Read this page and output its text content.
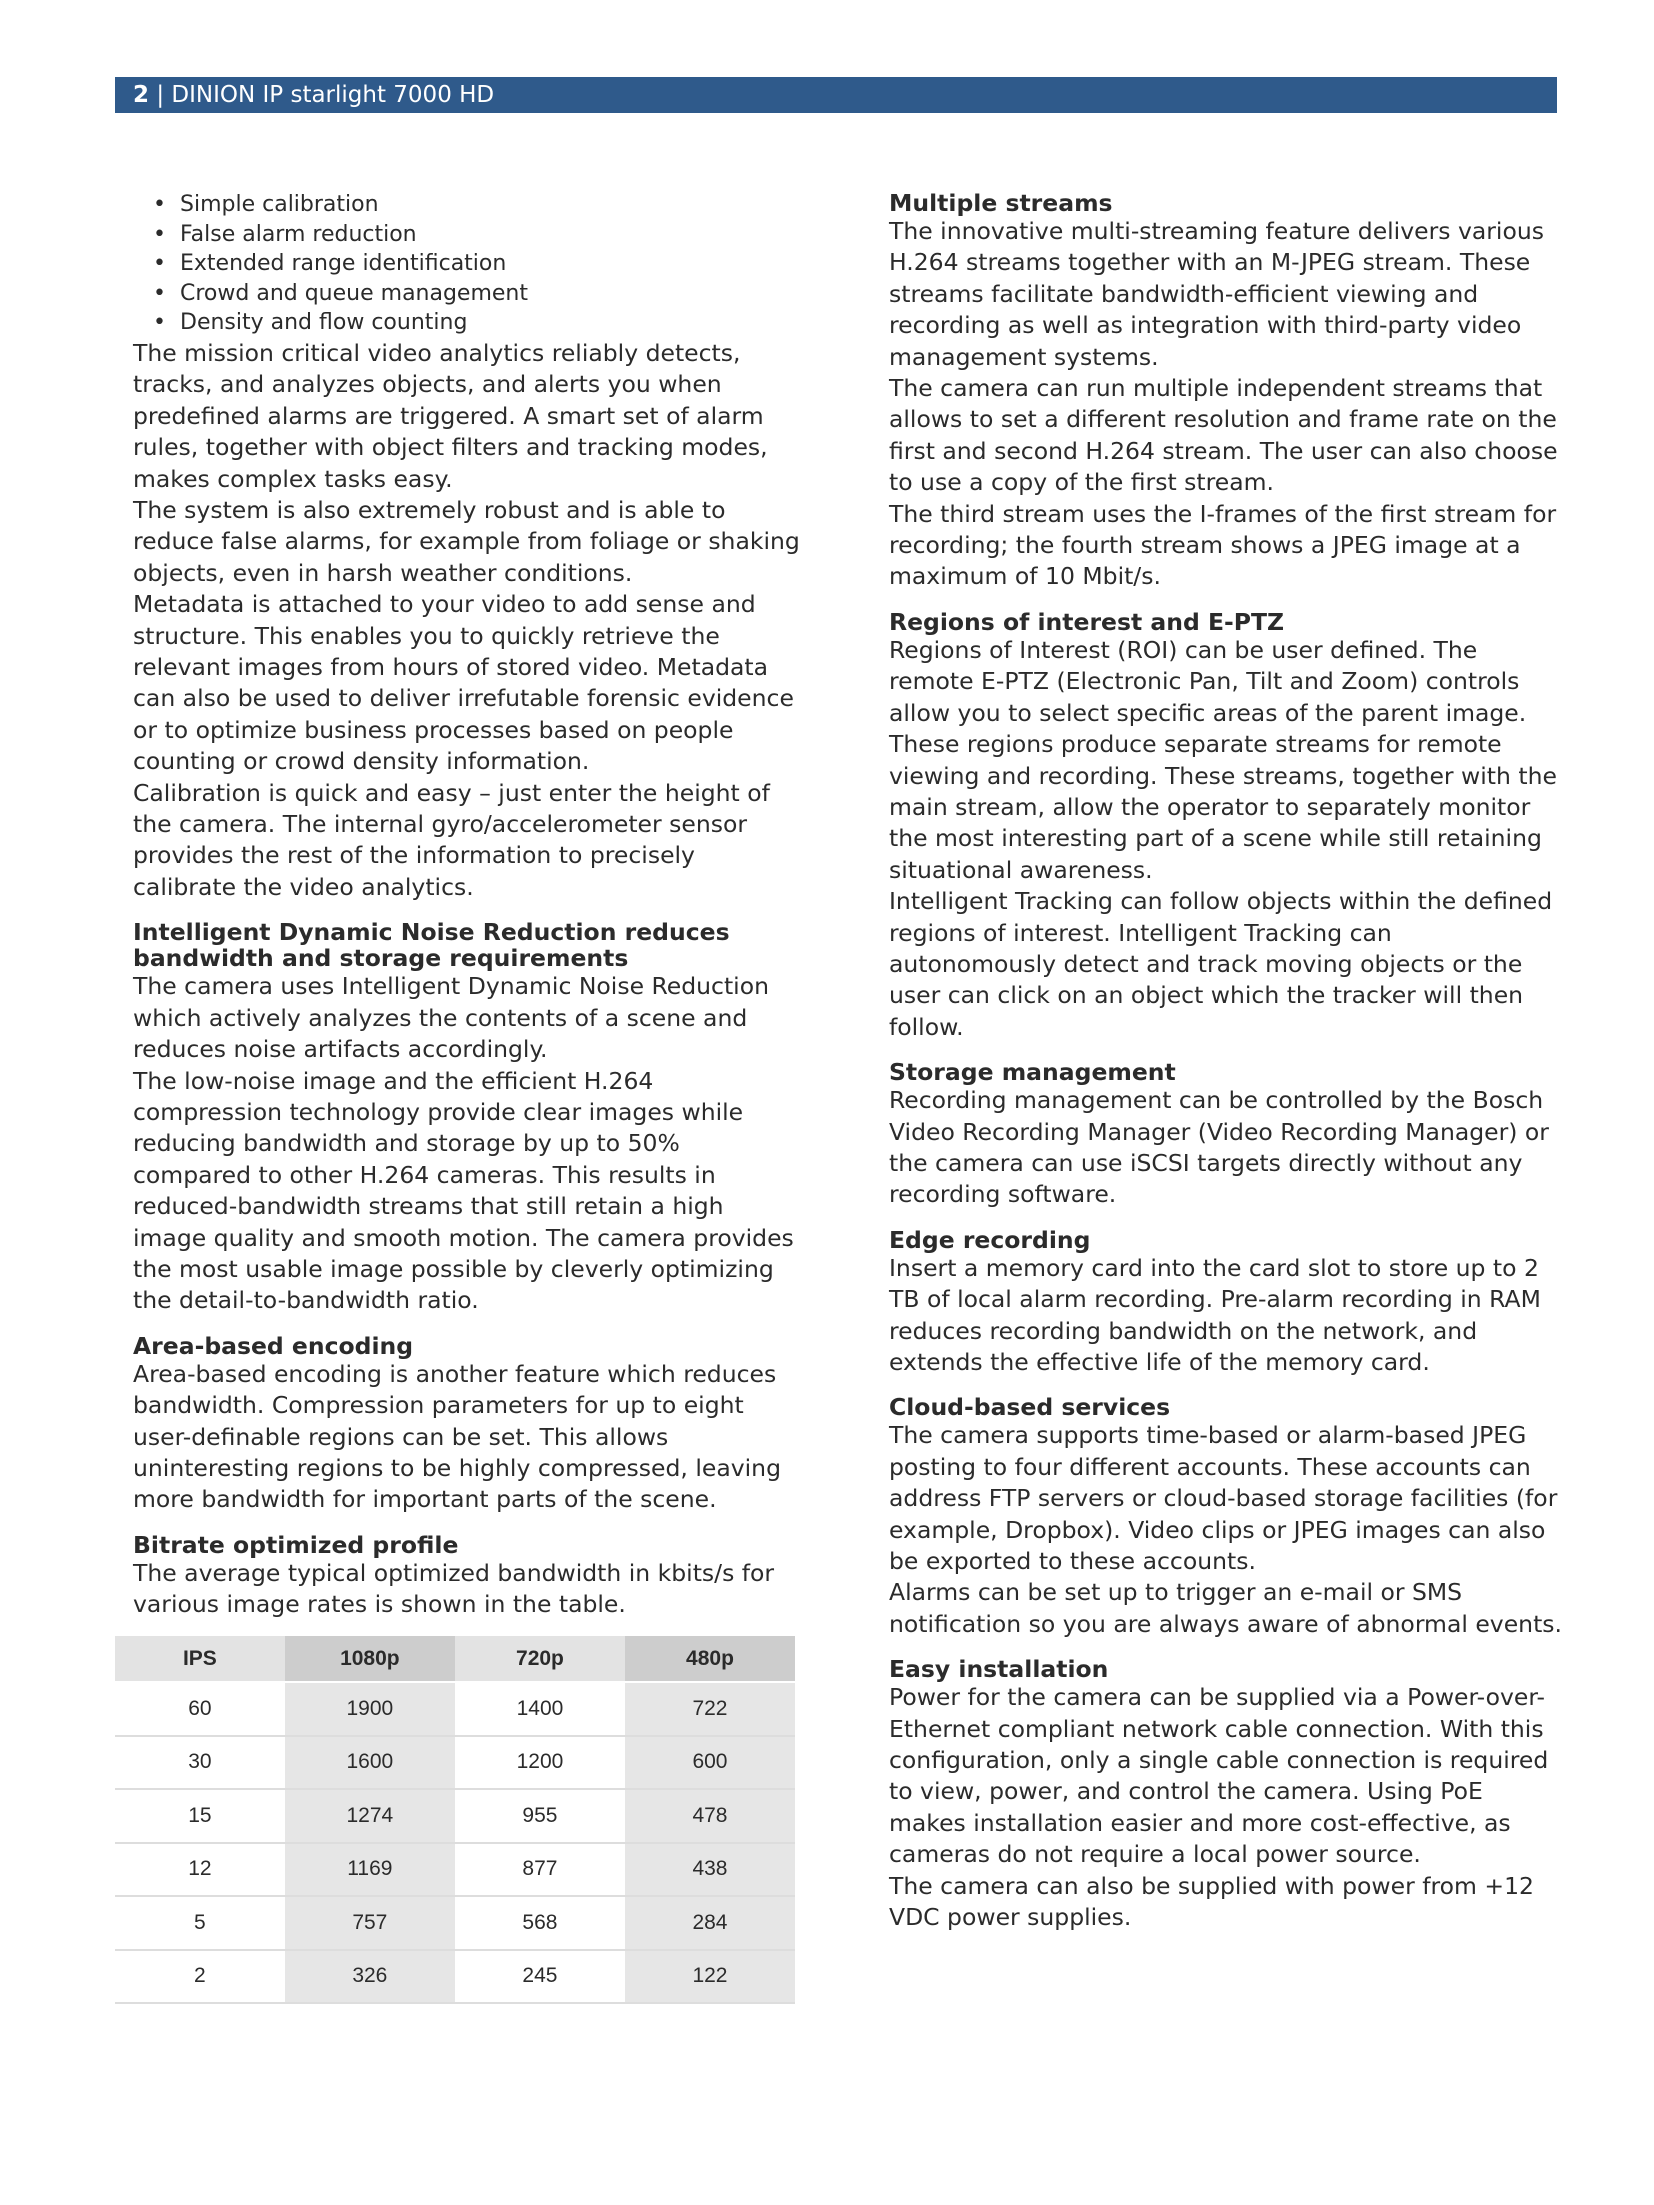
2 | DINION IP starlight 7000 HD
• Simple calibration
• False alarm reduction
• Extended range identification
• Crowd and queue management
• Density and flow counting

The mission critical video analytics reliably detects, tracks, and analyzes objects, and alerts you when predefined alarms are triggered. A smart set of alarm rules, together with object filters and tracking modes, makes complex tasks easy.

The system is also extremely robust and is able to reduce false alarms, for example from foliage or shaking objects, even in harsh weather conditions.

Metadata is attached to your video to add sense and structure. This enables you to quickly retrieve the relevant images from hours of stored video. Metadata can also be used to deliver irrefutable forensic evidence or to optimize business processes based on people counting or crowd density information.

Calibration is quick and easy – just enter the height of the camera. The internal gyro/accelerometer sensor provides the rest of the information to precisely calibrate the video analytics.

Intelligent Dynamic Noise Reduction reduces bandwidth and storage requirements

The camera uses Intelligent Dynamic Noise Reduction which actively analyzes the contents of a scene and reduces noise artifacts accordingly.

The low-noise image and the efficient H.264 compression technology provide clear images while reducing bandwidth and storage by up to 50% compared to other H.264 cameras. This results in reduced-bandwidth streams that still retain a high image quality and smooth motion. The camera provides the most usable image possible by cleverly optimizing the detail-to-bandwidth ratio.

Area-based encoding

Area-based encoding is another feature which reduces bandwidth. Compression parameters for up to eight user-definable regions can be set. This allows uninteresting regions to be highly compressed, leaving more bandwidth for important parts of the scene.

Bitrate optimized profile

The average typical optimized bandwidth in kbits/s for various image rates is shown in the table.

IPS	1080p	720p	480p
60	1900	1400	722
30	1600	1200	600
15	1274	955	478
12	1169	877	438
5	757	568	284
2	326	245	122
Multiple streams

The innovative multi-streaming feature delivers various H.264 streams together with an M-JPEG stream. These streams facilitate bandwidth-efficient viewing and recording as well as integration with third-party video management systems.

The camera can run multiple independent streams that allows to set a different resolution and frame rate on the first and second H.264 stream. The user can also choose to use a copy of the first stream.

The third stream uses the I-frames of the first stream for recording; the fourth stream shows a JPEG image at a maximum of 10 Mbit/s.

Regions of interest and E-PTZ

Regions of Interest (ROI) can be user defined. The remote E-PTZ (Electronic Pan, Tilt and Zoom) controls allow you to select specific areas of the parent image. These regions produce separate streams for remote viewing and recording. These streams, together with the main stream, allow the operator to separately monitor the most interesting part of a scene while still retaining situational awareness.

Intelligent Tracking can follow objects within the defined regions of interest. Intelligent Tracking can autonomously detect and track moving objects or the user can click on an object which the tracker will then follow.

Storage management

Recording management can be controlled by the Bosch Video Recording Manager (Video Recording Manager) or the camera can use iSCSI targets directly without any recording software.

Edge recording

Insert a memory card into the card slot to store up to 2 TB of local alarm recording. Pre-alarm recording in RAM reduces recording bandwidth on the network, and extends the effective life of the memory card.

Cloud-based services

The camera supports time-based or alarm-based JPEG posting to four different accounts. These accounts can address FTP servers or cloud-based storage facilities (for example, Dropbox). Video clips or JPEG images can also be exported to these accounts.

Alarms can be set up to trigger an e-mail or SMS notification so you are always aware of abnormal events.

Easy installation

Power for the camera can be supplied via a Power-over-Ethernet compliant network cable connection. With this configuration, only a single cable connection is required to view, power, and control the camera. Using PoE makes installation easier and more cost-effective, as cameras do not require a local power source.

The camera can also be supplied with power from +12 VDC power supplies.
